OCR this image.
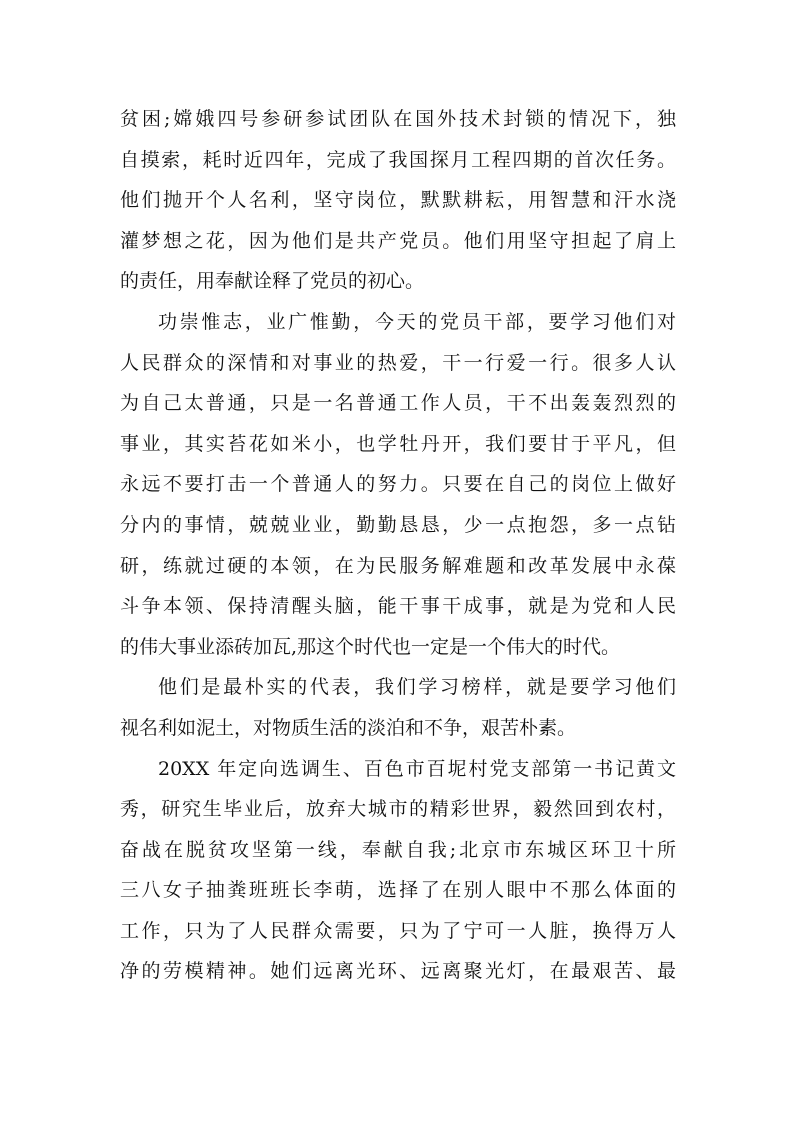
贫困;嫦娥四号参研参试团队在国外技术封锁的情况下，独
自摸索，耗时近四年，完成了我国探月工程四期的首次任务。
他们抛开个人名利，坚守岗位，默默耕耘，用智慧和汗水浇
灌梦想之花，因为他们是共产党员。他们用坚守担起了肩上
的责任，用奉献诠释了党员的初心。
功崇惟志，业广惟勤，今天的党员干部，要学习他们对
人民群众的深情和对事业的热爱，干一行爱一行。很多人认
为自己太普通，只是一名普通工作人员，干不出轰轰烈烈的
事业，其实苔花如米小，也学牡丹开，我们要甘于平凡，但
永远不要打击一个普通人的努力。只要在自己的岗位上做好
分内的事情，兢兢业业，勤勤恳恳，少一点抱怨，多一点钻
研，练就过硬的本领，在为民服务解难题和改革发展中永葆
斗争本领、保持清醒头脑，能干事干成事，就是为党和人民
的伟大事业添砖加瓦,那这个时代也一定是一个伟大的时代。
他们是最朴实的代表，我们学习榜样，就是要学习他们
视名利如泥土，对物质生活的淡泊和不争，艰苦朴素。
20XX 年定向选调生、百色市百坭村党支部第一书记黄文
秀，研究生毕业后，放弃大城市的精彩世界，毅然回到农村，
奋战在脱贫攻坚第一线，奉献自我;北京市东城区环卫十所
三八女子抽粪班班长李萌，选择了在别人眼中不那么体面的
工作，只为了人民群众需要，只为了宁可一人脏，换得万人
净的劳模精神。她们远离光环、远离聚光灯，在最艰苦、最
